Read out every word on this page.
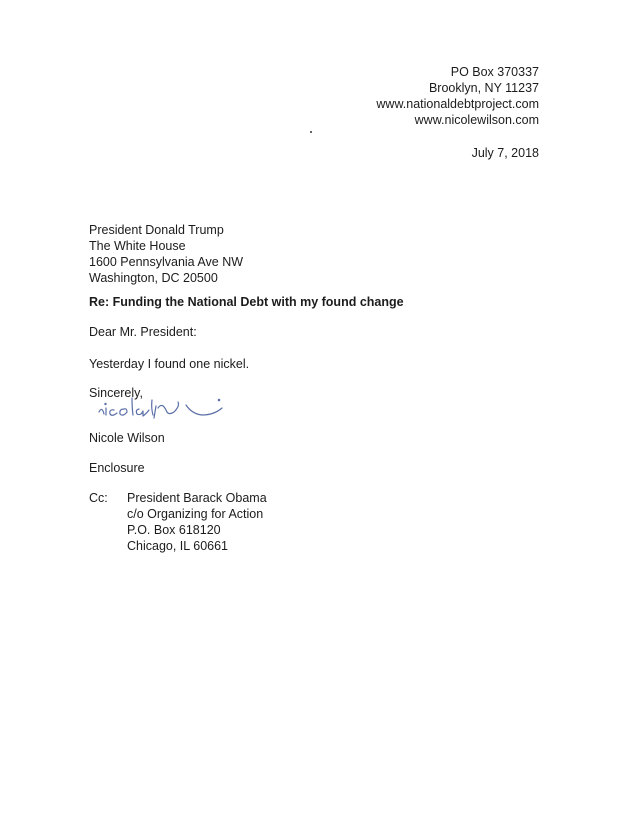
PO Box 370337
Brooklyn, NY 11237
www.nationaldebtproject.com
www.nicolewilson.com
July 7, 2018
President Donald Trump
The White House
1600 Pennsylvania Ave NW
Washington, DC 20500
Re: Funding the National Debt with my found change
Dear Mr. President:
Yesterday I found one nickel.
Sincerely,
Nicole Wilson
Enclosure
Cc: President Barack Obama
c/o Organizing for Action
P.O. Box 618120
Chicago, IL 60661
